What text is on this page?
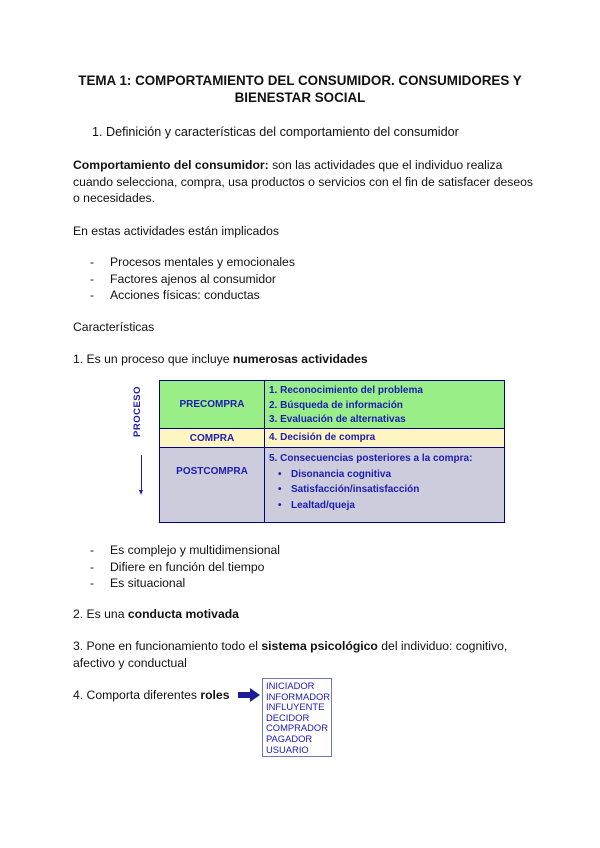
TEMA 1: COMPORTAMIENTO DEL CONSUMIDOR. CONSUMIDORES Y BIENESTAR SOCIAL
1. Definición y características del comportamiento del consumidor
Comportamiento del consumidor: son las actividades que el individuo realiza cuando selecciona, compra, usa productos o servicios con el fin de satisfacer deseos o necesidades.
En estas actividades están implicados
- Procesos mentales y emocionales
- Factores ajenos al consumidor
- Acciones físicas: conductas
Características
1. Es un proceso que incluye numerosas actividades
PROCESO	PRECOMPRA
1. Reconocimiento del problema
2. Búsqueda de información
3. Evaluación de alternativas
COMPRA	4. Decisión de compra
POSTCOMPRA
5. Consecuencias posteriores a la compra:
• Disonancia cognitiva
• Satisfacción/insatisfacción
• Lealtad/queja
- Es complejo y multidimensional
- Difiere en función del tiempo
- Es situacional
2. Es una conducta motivada
3. Pone en funcionamiento todo el sistema psicológico del individuo: cognitivo, afectivo y conductual
4. Comporta diferentes roles
INICIADOR
INFORMADOR
INFLUYENTE
DECIDOR
COMPRADOR
PAGADOR
USUARIO
